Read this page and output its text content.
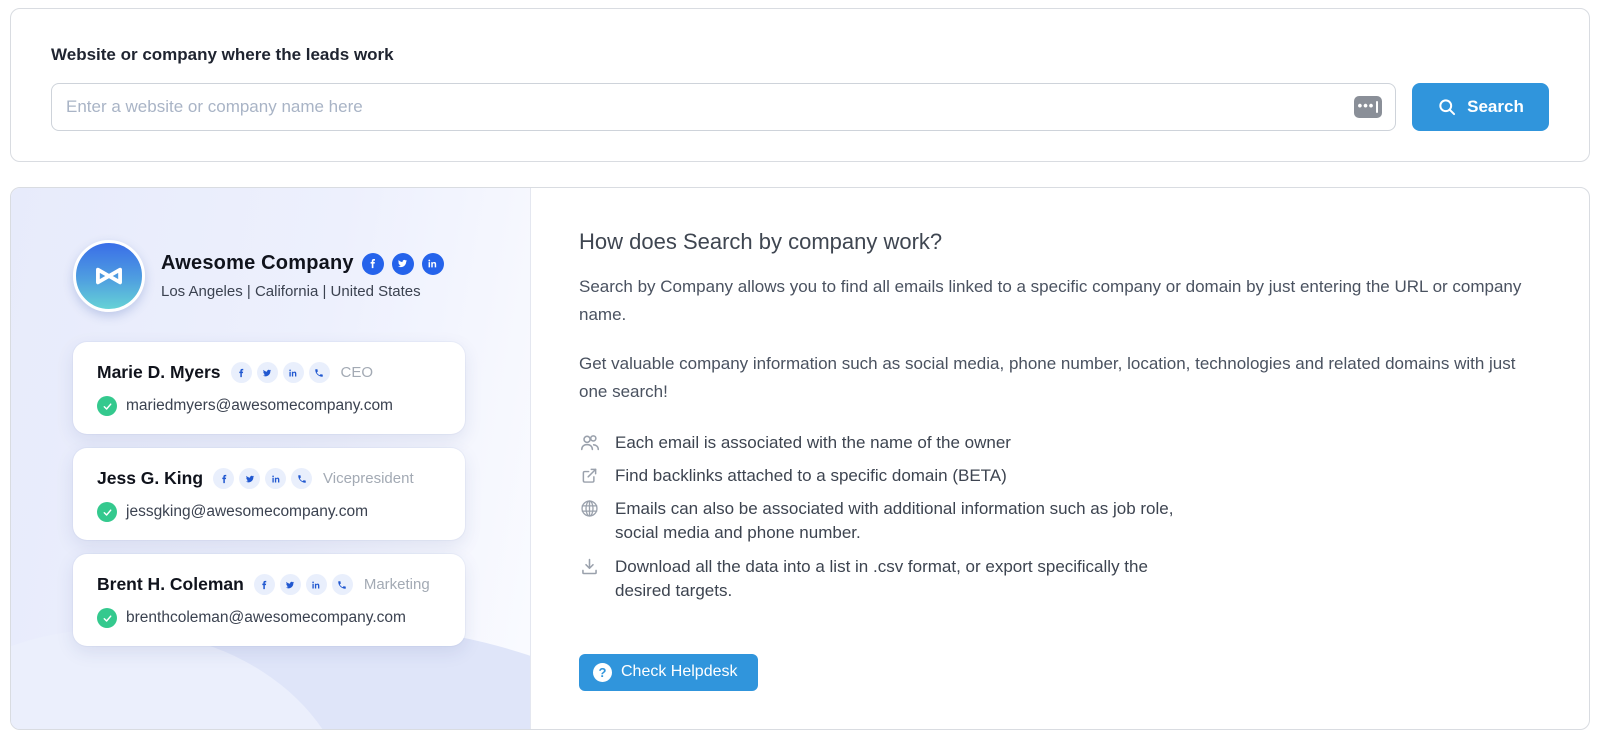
Website or company where the leads work
Enter a website or company name here
•••	Search
Awesome Company
Los Angeles | California | United States
Marie D. Myers	CEO
mariedmyers@awesomecompany.com
Jess G. King	Vicepresident
jessgking@awesomecompany.com
Brent H. Coleman	Marketing
brenthcoleman@awesomecompany.com
How does Search by company work?

Search by Company allows you to find all emails linked to a specific company or domain by just entering the URL or company name.

Get valuable company information such as social media, phone number, location, technologies and related domains with just one search!

Each email is associated with the name of the owner
Find backlinks attached to a specific domain (BETA)
Emails can also be associated with additional information such as job role, social media and phone number.
Download all the data into a list in .csv format, or export specifically the desired targets.
? Check Helpdesk
